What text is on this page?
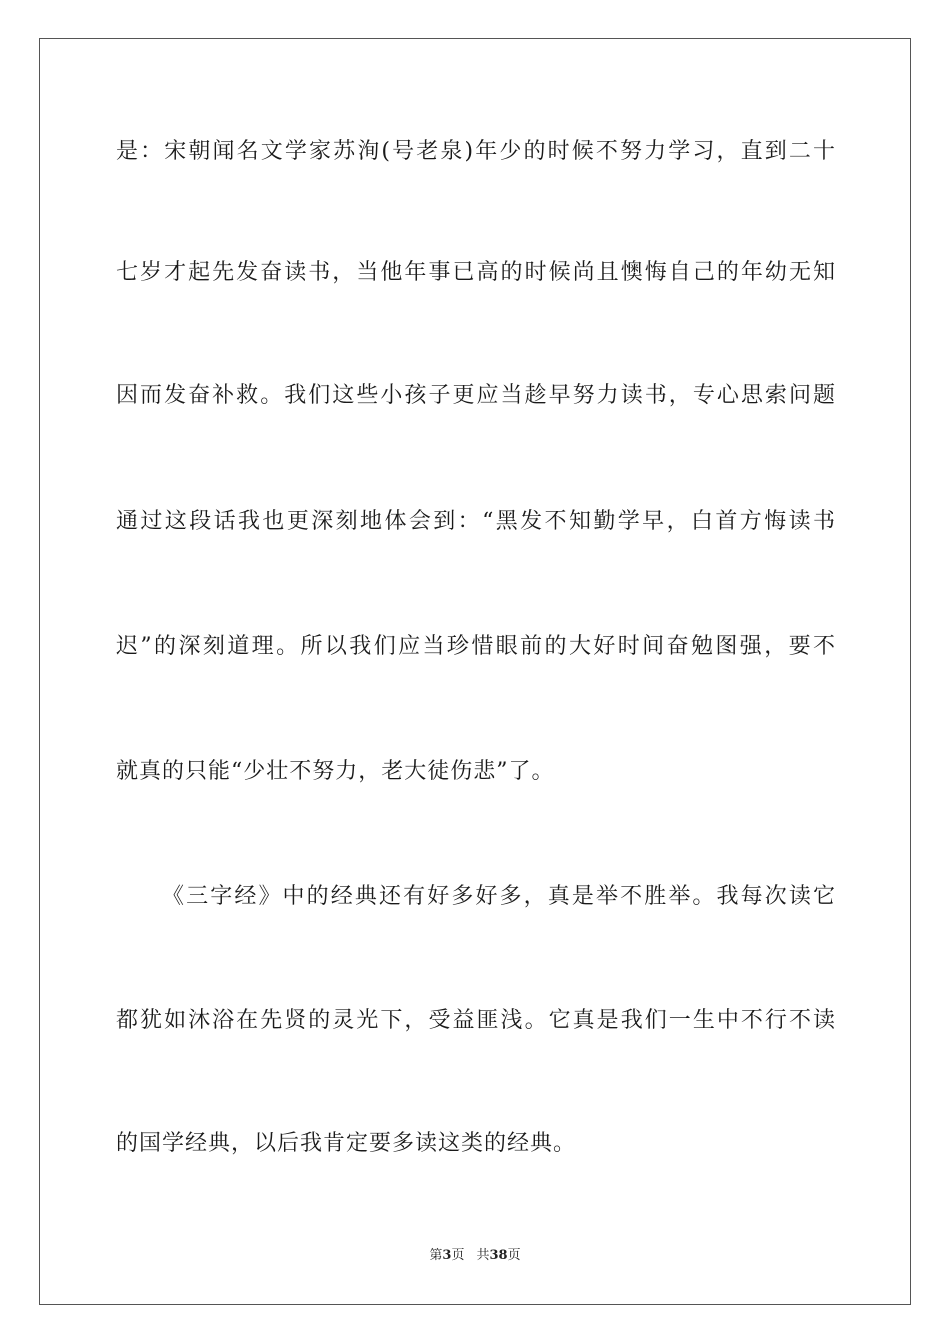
是：宋朝闻名文学家苏洵(号老泉)年少的时候不努力学习，直到二十
七岁才起先发奋读书，当他年事已高的时候尚且懊悔自己的年幼无知
因而发奋补救。我们这些小孩子更应当趁早努力读书，专心思索问题
通过这段话我也更深刻地体会到：“黑发不知勤学早，白首方悔读书
迟”的深刻道理。所以我们应当珍惜眼前的大好时间奋勉图强，要不
就真的只能“少壮不努力，老大徒伤悲”了。
《三字经》中的经典还有好多好多，真是举不胜举。我每次读它
都犹如沐浴在先贤的灵光下，受益匪浅。它真是我们一生中不行不读
的国学经典，以后我肯定要多读这类的经典。
第3页 共38页
